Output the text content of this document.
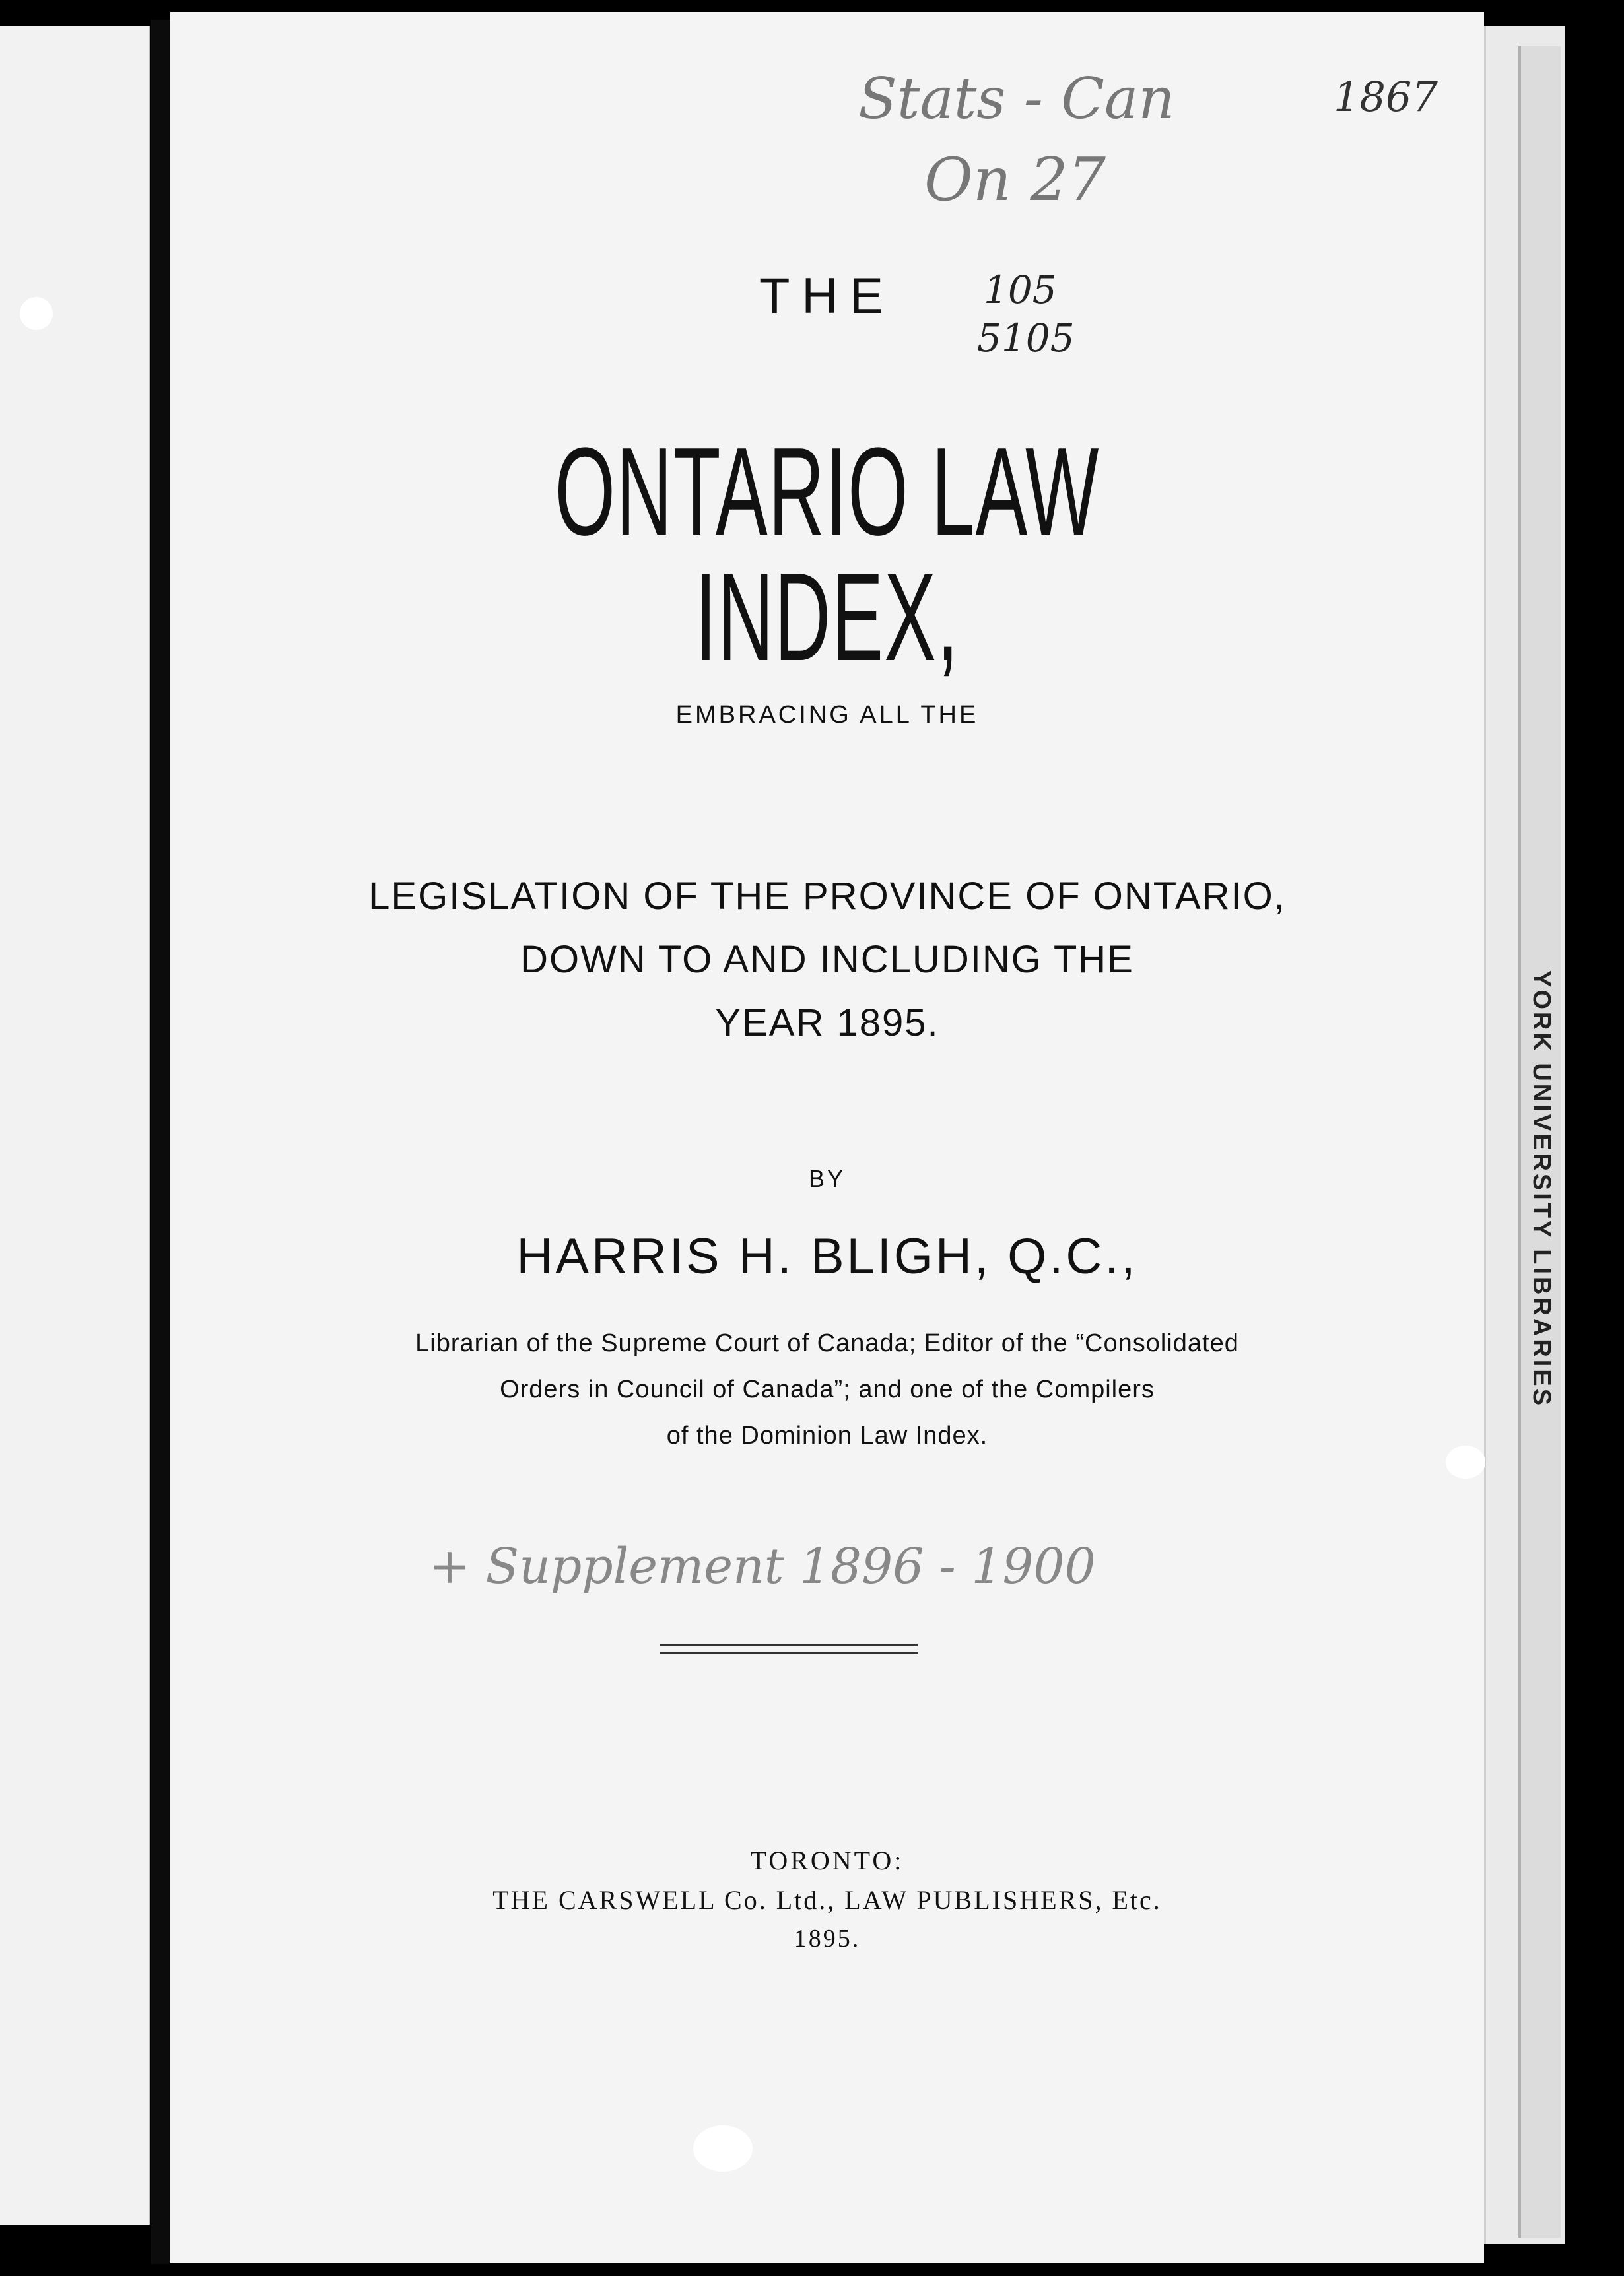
YORK UNIVERSITY LIBRARIES
Stats - Can
On 27
1867
105
5105
THE
ONTARIO LAW INDEX,
EMBRACING ALL THE
LEGISLATION OF THE PROVINCE OF ONTARIO,
DOWN TO AND INCLUDING THE
YEAR 1895.
BY
HARRIS H. BLIGH, Q.C.,
Librarian of the Supreme Court of Canada; Editor of the “Consolidated
Orders in Council of Canada”; and one of the Compilers
of the Dominion Law Index.
+ Supplement 1896 - 1900
TORONTO:
THE CARSWELL Co. Ltd., LAW PUBLISHERS, Etc.
1895.
